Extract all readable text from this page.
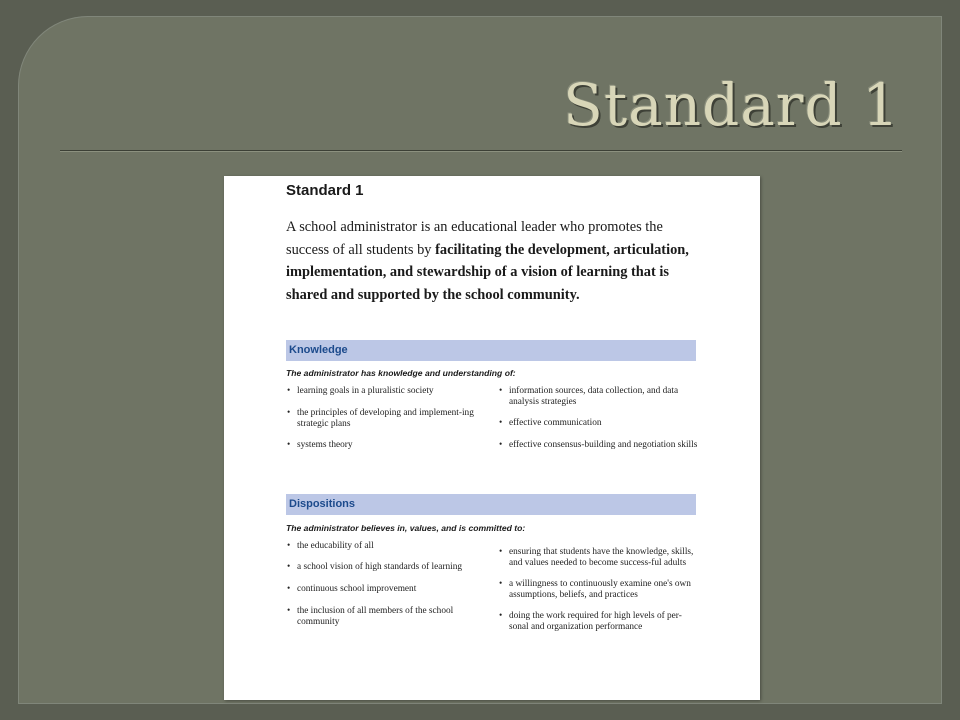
Standard 1
Standard 1

A school administrator is an educational leader who promotes the success of all students by facilitating the development, articulation, implementation, and stewardship of a vision of learning that is shared and supported by the school community.

Knowledge
The administrator has knowledge and understanding of:
• learning goals in a pluralistic society
• the principles of developing and implement-ing strategic plans
• systems theory
• information sources, data collection, and data analysis strategies
• effective communication
• effective consensus-building and negotiation skills
Dispositions
The administrator believes in, values, and is committed to:
• the educability of all
• a school vision of high standards of learning
• continuous school improvement
• the inclusion of all members of the school community
• ensuring that students have the knowledge, skills, and values needed to become success-ful adults
• a willingness to continuously examine one's own assumptions, beliefs, and practices
• doing the work required for high levels of per-sonal and organization performance
